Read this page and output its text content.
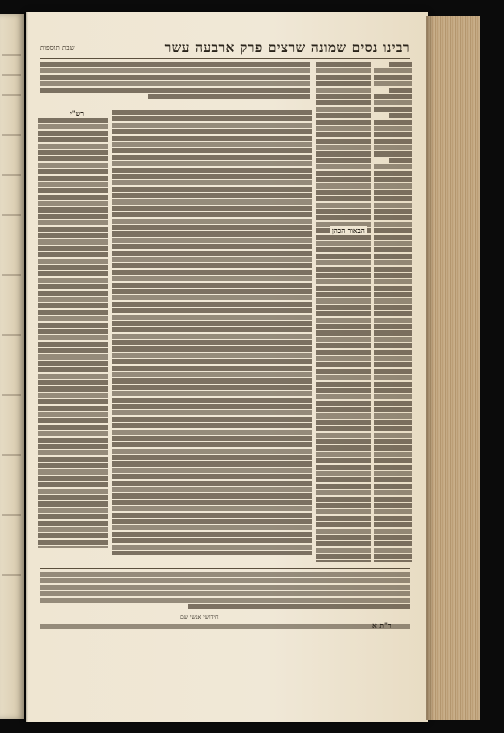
רבינו נסים שמונה שרצים פרק ארבעה עשר
שבת תוספות
רש"י
הבאור הכהן
חידושי אנשי שם
ר"ת א
